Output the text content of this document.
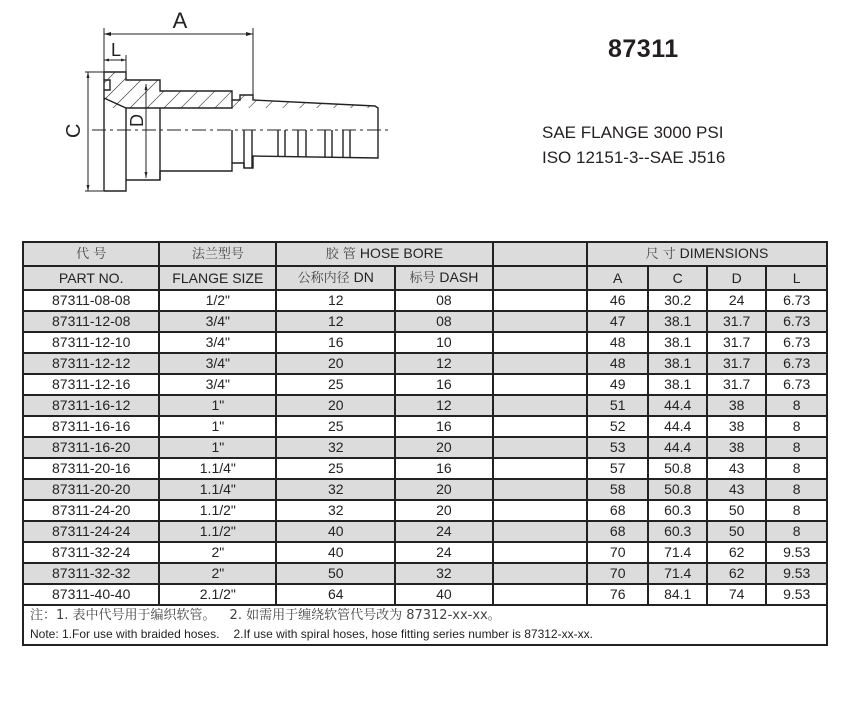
A
L
C
D
87311
SAE FLANGE 3000 PSI
ISO 12151-3--SAE J516
代 号	法兰型号	胶 管 HOSE BORE			尺 寸 DIMENSIONS			
PART NO.	FLANGE SIZE	公称内径 DN	标号 DASH		A	C	D	L
87311-08-08	1/2"	12	08		46	30.2	24	6.73
87311-12-08	3/4"	12	08		47	38.1	31.7	6.73
87311-12-10	3/4"	16	10		48	38.1	31.7	6.73
87311-12-12	3/4"	20	12		48	38.1	31.7	6.73
87311-12-16	3/4"	25	16		49	38.1	31.7	6.73
87311-16-12	1"	20	12		51	44.4	38	8
87311-16-16	1"	25	16		52	44.4	38	8
87311-16-20	1"	32	20		53	44.4	38	8
87311-20-16	1.1/4"	25	16		57	50.8	43	8
87311-20-20	1.1/4"	32	20		58	50.8	43	8
87311-24-20	1.1/2"	32	20		68	60.3	50	8
87311-24-24	1.1/2"	40	24		68	60.3	50	8
87311-32-24	2"	40	24		70	71.4	62	9.53
87311-32-32	2"	50	32		70	71.4	62	9.53
87311-40-40	2.1/2"	64	40		76	84.1	74	9.53

注：1. 表中代号用于编织软管。 2. 如需用于缠绕软管代号改为 87312-xx-xx。
Note: 1.For use with braided hoses. 2.If use with spiral hoses, hose fitting series number is 87312-xx-xx.								
